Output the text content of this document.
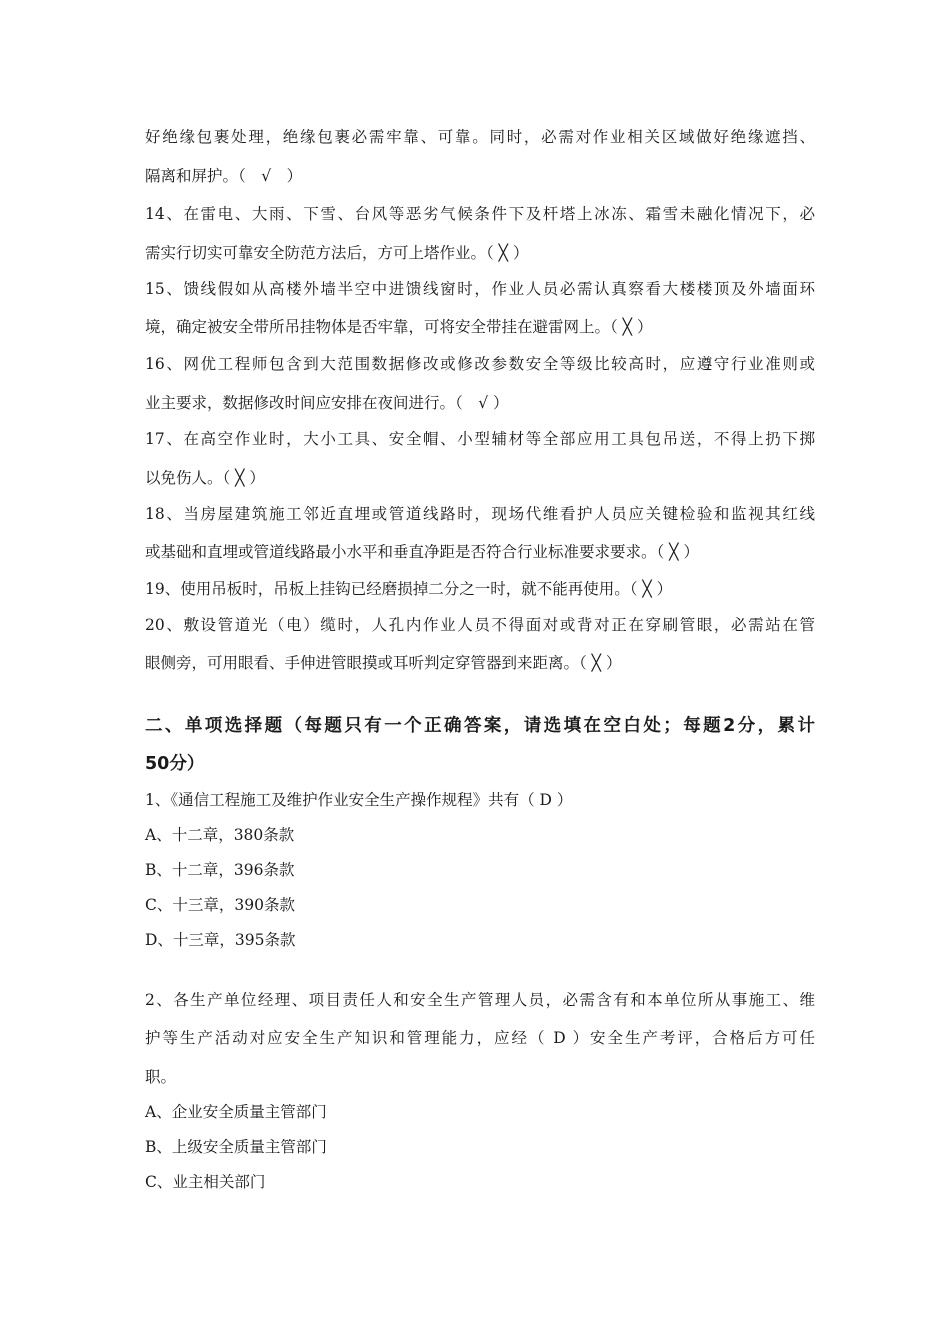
好绝缘包裹处理，绝缘包裹必需牢靠、可靠。同时，必需对作业相关区域做好绝缘遮挡、
隔离和屏护。（　√　）
14、在雷电、大雨、下雪、台风等恶劣气候条件下及杆塔上冰冻、霜雪未融化情况下，必
需实行切实可靠安全防范方法后，方可上塔作业。（ ╳ ）
15、馈线假如从高楼外墙半空中进馈线窗时，作业人员必需认真察看大楼楼顶及外墙面环
境，确定被安全带所吊挂物体是否牢靠，可将安全带挂在避雷网上。（ ╳ ）
16、网优工程师包含到大范围数据修改或修改参数安全等级比较高时，应遵守行业准则或
业主要求，数据修改时间应安排在夜间进行。（　√ ）
17、在高空作业时，大小工具、安全帽、小型辅材等全部应用工具包吊送，不得上扔下掷
以免伤人。（ ╳ ）
18、当房屋建筑施工邻近直埋或管道线路时，现场代维看护人员应关键检验和监视其红线
或基础和直埋或管道线路最小水平和垂直净距是否符合行业标准要求要求。（ ╳ ）
19、使用吊板时，吊板上挂钩已经磨损掉二分之一时，就不能再使用。（ ╳ ）
20、敷设管道光（电）缆时，人孔内作业人员不得面对或背对正在穿刷管眼，必需站在管
眼侧旁，可用眼看、手伸进管眼摸或耳听判定穿管器到来距离。（ ╳ ）
二、单项选择题（每题只有一个正确答案，请选填在空白处；每题2分，累计
50分）
1、《通信工程施工及维护作业安全生产操作规程》共有（ D ）
A、十二章，380条款
B、十二章，396条款
C、十三章，390条款
D、十三章，395条款
2、各生产单位经理、项目责任人和安全生产管理人员，必需含有和本单位所从事施工、维
护等生产活动对应安全生产知识和管理能力，应经（ D ）安全生产考评，合格后方可任
职。
A、企业安全质量主管部门
B、上级安全质量主管部门
C、业主相关部门
